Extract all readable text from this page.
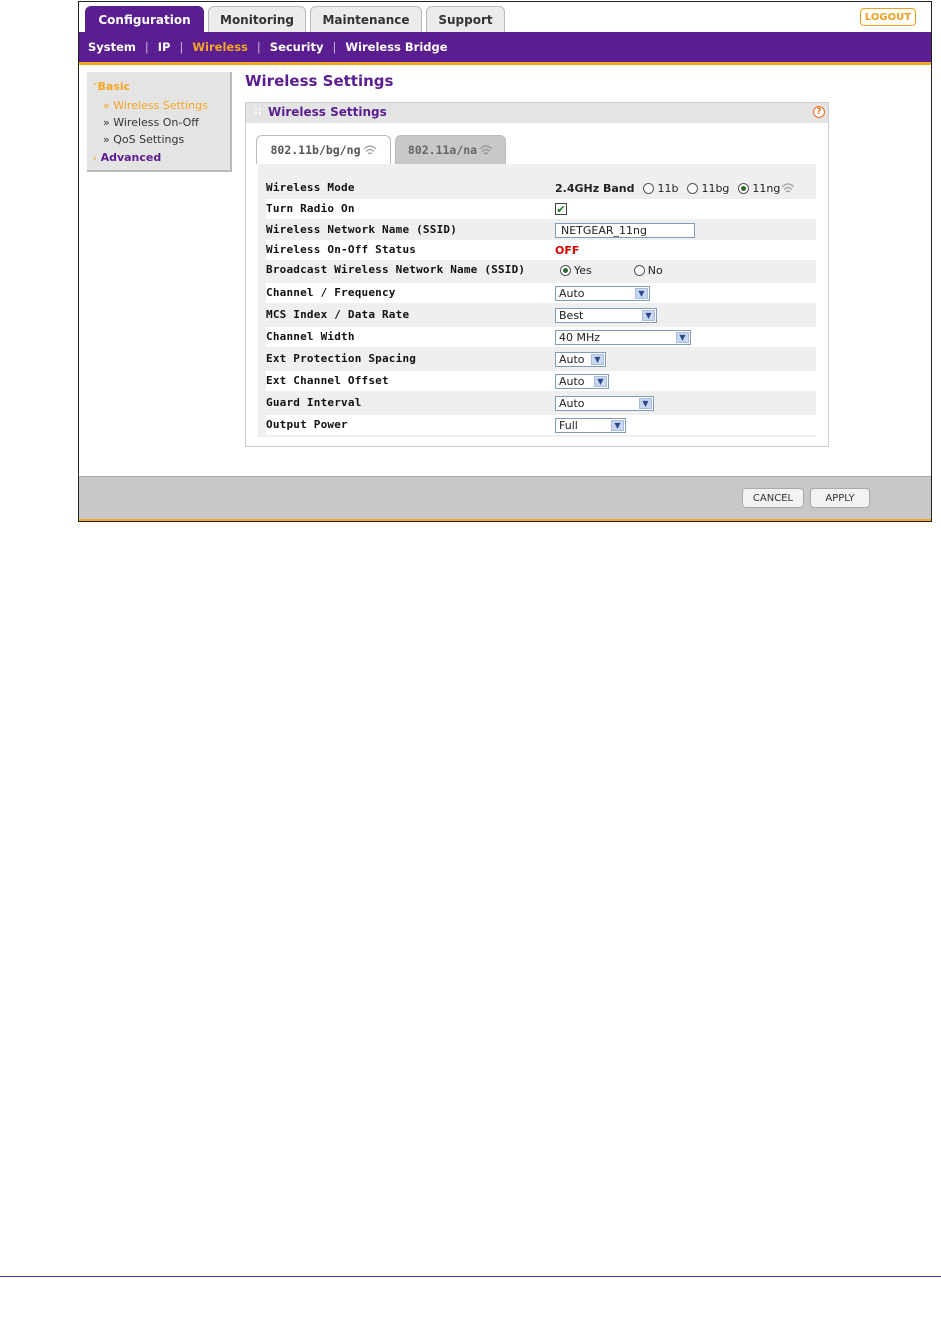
Configuration	Monitoring	Maintenance	Support	LOGOUT
System | IP | Wireless | Security | Wireless Bridge
˅Basic
» Wireless Settings
» Wireless On-Off
» QoS Settings
› Advanced
Wireless Settings
:: Wireless Settings	?
802.11b/bg/ng	802.11a/na
Wireless Mode	2.4GHz Band 11b 11bg 11ng
Turn Radio On	✔
Wireless Network Name (SSID)	NETGEAR_11ng
Wireless On-Off Status	OFF
Broadcast Wireless Network Name (SSID)	Yes	No
Channel / Frequency	Auto	▼
MCS Index / Data Rate	Best	▼
Channel Width	40 MHz	▼
Ext Protection Spacing	Auto	▼
Ext Channel Offset	Auto	▼
Guard Interval	Auto	▼
Output Power	Full	▼
CANCEL	APPLY
